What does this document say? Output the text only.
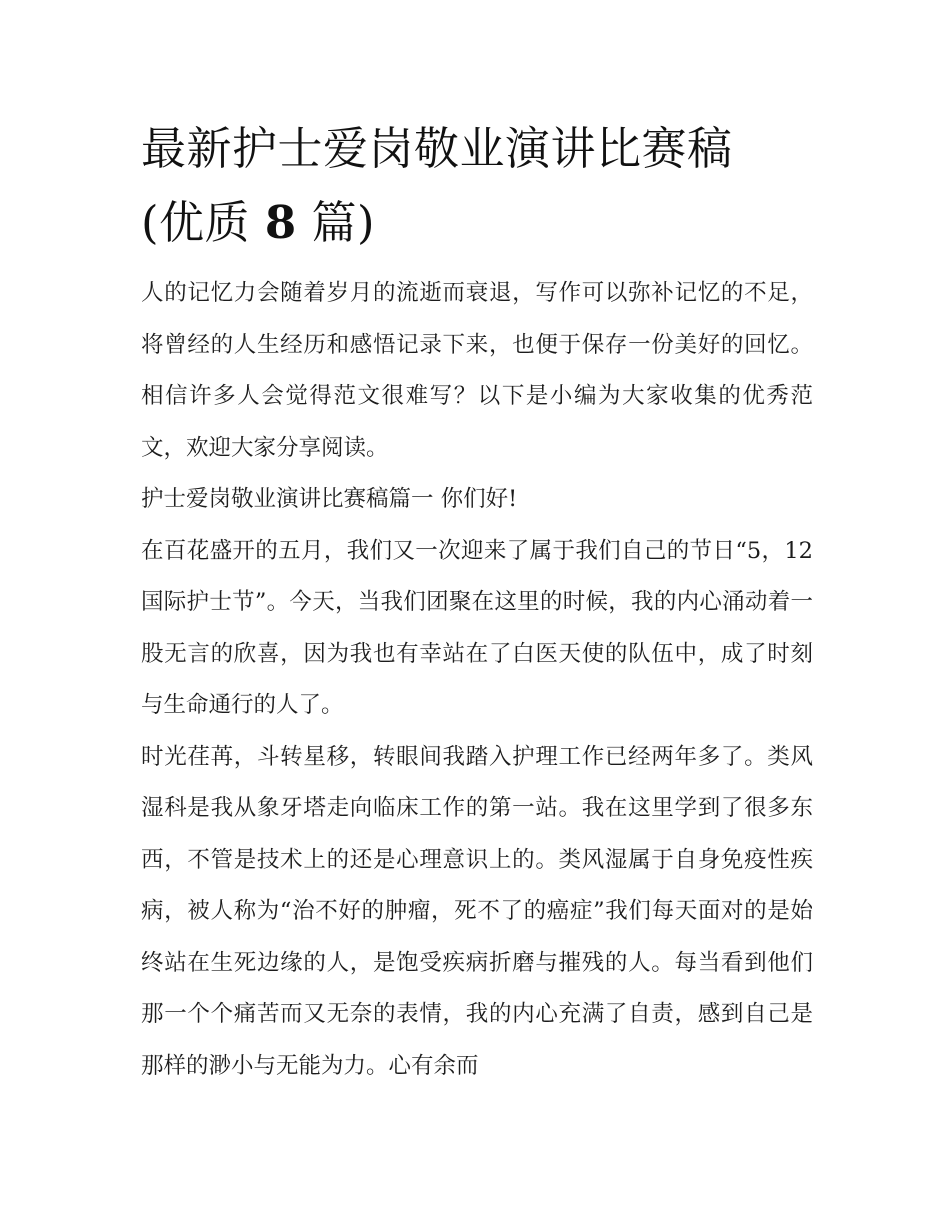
最新护士爱岗敬业演讲比赛稿
(优质 8 篇)

人的记忆力会随着岁月的流逝而衰退，写作可以弥补记忆的不足，将曾经的人生经历和感悟记录下来，也便于保存一份美好的回忆。相信许多人会觉得范文很难写？以下是小编为大家收集的优秀范文，欢迎大家分享阅读。

护士爱岗敬业演讲比赛稿篇一 你们好!

在百花盛开的五月，我们又一次迎来了属于我们自己的节日“5，12国际护士节”。今天，当我们团聚在这里的时候，我的内心涌动着一股无言的欣喜，因为我也有幸站在了白医天使的队伍中，成了时刻与生命通行的人了。

时光荏苒，斗转星移，转眼间我踏入护理工作已经两年多了。类风湿科是我从象牙塔走向临床工作的第一站。我在这里学到了很多东西，不管是技术上的还是心理意识上的。类风湿属于自身免疫性疾病，被人称为“治不好的肿瘤，死不了的癌症”我们每天面对的是始终站在生死边缘的人，是饱受疾病折磨与摧残的人。每当看到他们那一个个痛苦而又无奈的表情，我的内心充满了自责，感到自己是那样的渺小与无能为力。心有余而
